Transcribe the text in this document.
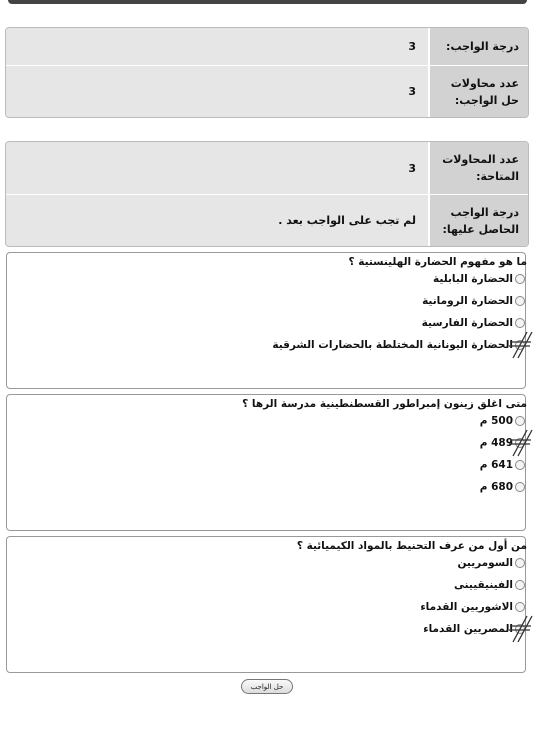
درجة الواجب:
3
عدد محاولات حل الواجب:
3
عدد المحاولات المتاحة:
3
درجة الواجب الحاصل عليها:
لم تجب على الواجب بعد .
ما هو مفهوم الحضارة الهلينستية ؟
الحضارة البابلية
الحضارة الرومانية
الحضارة الفارسية
الحضارة اليونانية المختلطة بالحضارات الشرقية
متى اغلق زينون إمبراطور القسطنطينية مدرسة الرها ؟
500 م
489 م
641 م
680 م
من أول من عرف التحنيط بالمواد الكيميائية ؟
السومريين
الفينيقيينى
الاشوريين القدماء
المصريين القدماء
حل الواجب
